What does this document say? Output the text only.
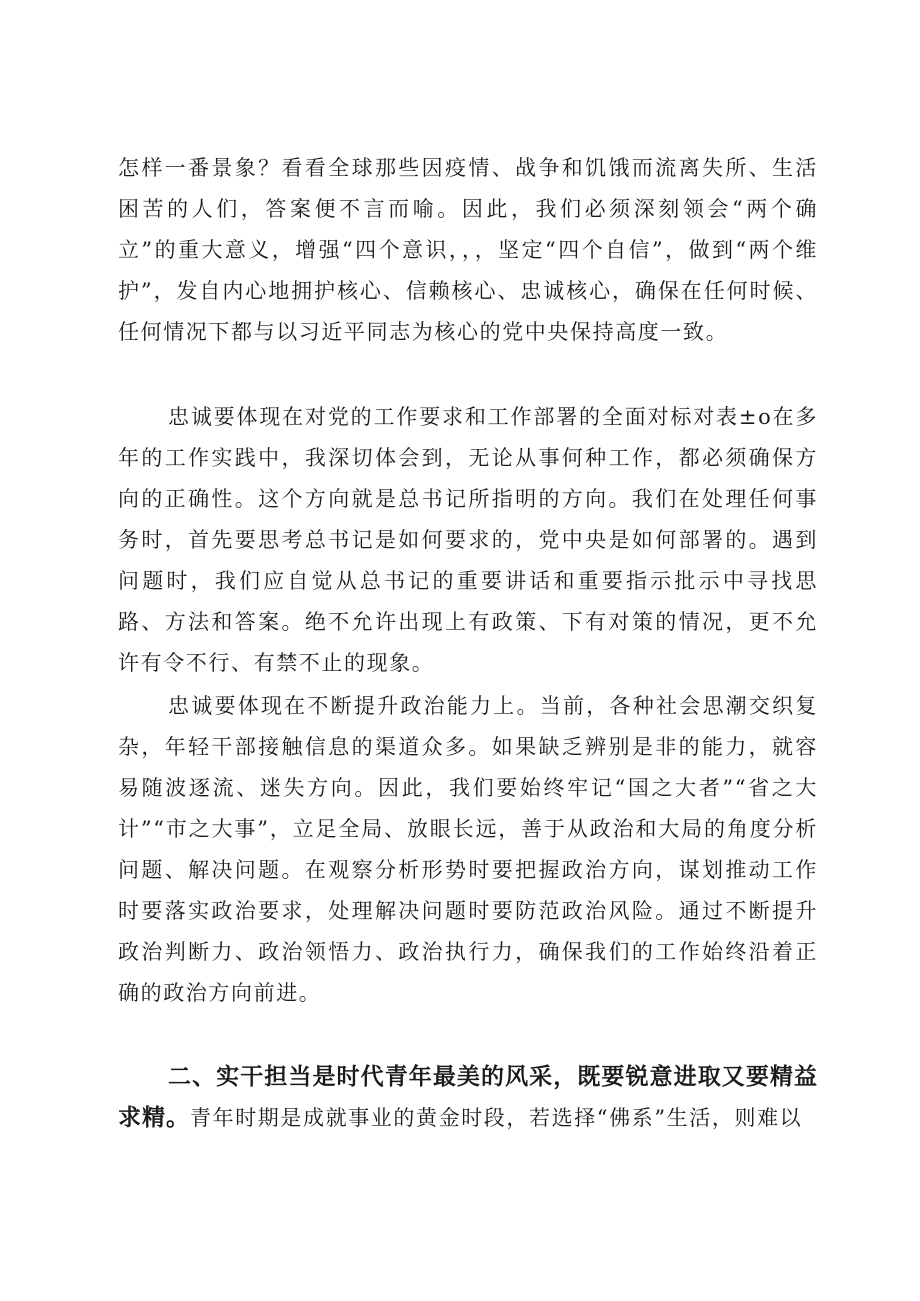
怎样一番景象？看看全球那些因疫情、战争和饥饿而流离失所、生活困苦的人们，答案便不言而喻。因此，我们必须深刻领会“两个确立”的重大意义，增强“四个意识，，，坚定“四个自信”，做到“两个维护”，发自内心地拥护核心、信赖核心、忠诚核心，确保在任何时候、任何情况下都与以习近平同志为核心的党中央保持高度一致。

忠诚要体现在对党的工作要求和工作部署的全面对标对表±o在多年的工作实践中，我深切体会到，无论从事何种工作，都必须确保方向的正确性。这个方向就是总书记所指明的方向。我们在处理任何事务时，首先要思考总书记是如何要求的，党中央是如何部署的。遇到问题时，我们应自觉从总书记的重要讲话和重要指示批示中寻找思路、方法和答案。绝不允许出现上有政策、下有对策的情况，更不允许有令不行、有禁不止的现象。

忠诚要体现在不断提升政治能力上。当前，各种社会思潮交织复杂，年轻干部接触信息的渠道众多。如果缺乏辨别是非的能力，就容易随波逐流、迷失方向。因此，我们要始终牢记“国之大者”“省之大计”“市之大事”，立足全局、放眼长远，善于从政治和大局的角度分析问题、解决问题。在观察分析形势时要把握政治方向，谋划推动工作时要落实政治要求，处理解决问题时要防范政治风险。通过不断提升政治判断力、政治领悟力、政治执行力，确保我们的工作始终沿着正确的政治方向前进。

二、实干担当是时代青年最美的风采，既要锐意进取又要精益求精。青年时期是成就事业的黄金时段，若选择“佛系”生活，则难以
